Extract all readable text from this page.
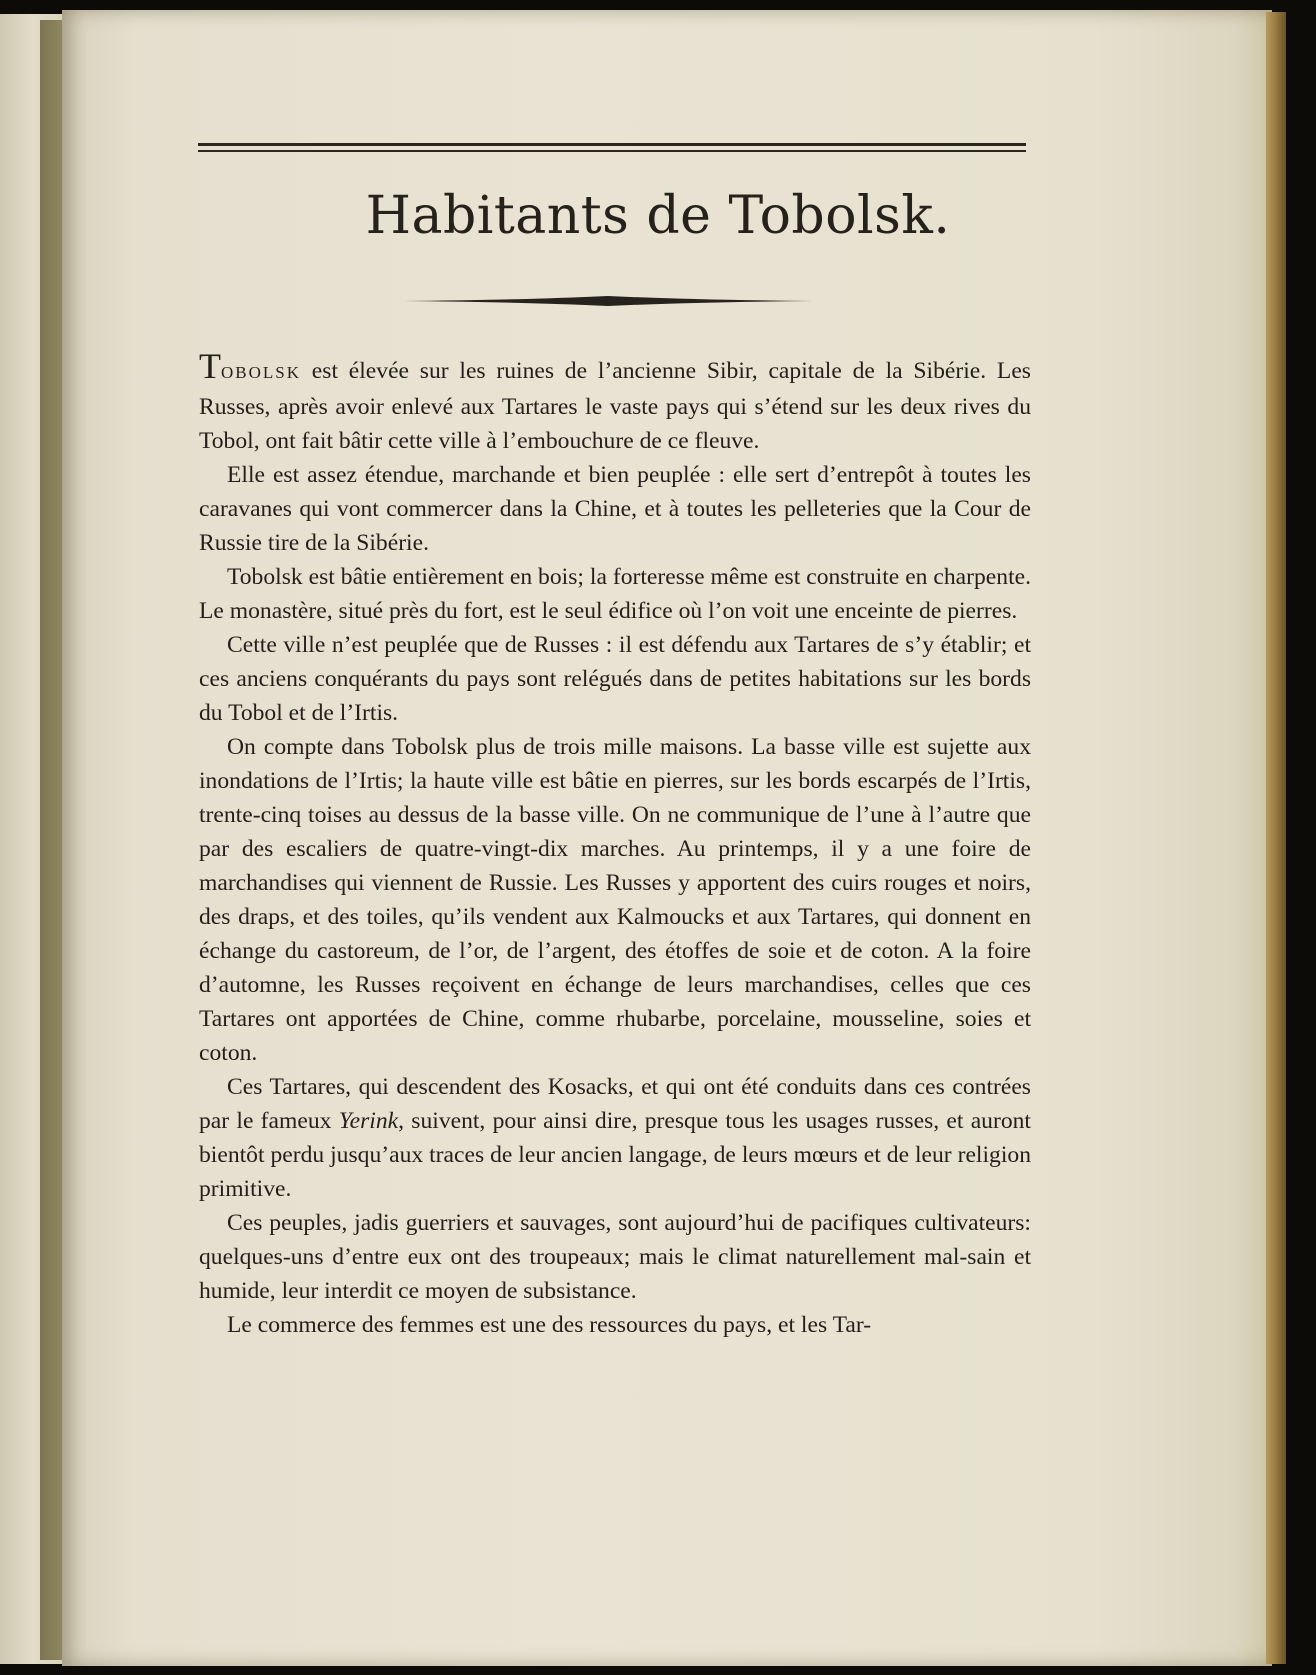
Habitants de Tobolsk.

TOBOLSK est élevée sur les ruines de l’ancienne Sibir, capitale de la Sibérie. Les Russes, après avoir enlevé aux Tartares le vaste pays qui s’étend sur les deux rives du Tobol, ont fait bâtir cette ville à l’embouchure de ce fleuve.

Elle est assez étendue, marchande et bien peuplée : elle sert d’entrepôt à toutes les caravanes qui vont commercer dans la Chine, et à toutes les pelleteries que la Cour de Russie tire de la Sibérie.

Tobolsk est bâtie entièrement en bois; la forteresse même est construite en charpente. Le monastère, situé près du fort, est le seul édifice où l’on voit une enceinte de pierres.

Cette ville n’est peuplée que de Russes : il est défendu aux Tartares de s’y établir; et ces anciens conquérants du pays sont relégués dans de petites habitations sur les bords du Tobol et de l’Irtis.

On compte dans Tobolsk plus de trois mille maisons. La basse ville est sujette aux inondations de l’Irtis; la haute ville est bâtie en pierres, sur les bords escarpés de l’Irtis, trente-cinq toises au dessus de la basse ville. On ne communique de l’une à l’autre que par des escaliers de quatre-vingt-dix marches. Au printemps, il y a une foire de marchandises qui viennent de Russie. Les Russes y apportent des cuirs rouges et noirs, des draps, et des toiles, qu’ils vendent aux Kalmoucks et aux Tartares, qui donnent en échange du castoreum, de l’or, de l’argent, des étoffes de soie et de coton. A la foire d’automne, les Russes reçoivent en échange de leurs marchandises, celles que ces Tartares ont apportées de Chine, comme rhubarbe, porcelaine, mousseline, soies et coton.

Ces Tartares, qui descendent des Kosacks, et qui ont été conduits dans ces contrées par le fameux Yerink, suivent, pour ainsi dire, presque tous les usages russes, et auront bientôt perdu jusqu’aux traces de leur ancien langage, de leurs mœurs et de leur religion primitive.

Ces peuples, jadis guerriers et sauvages, sont aujourd’hui de pacifiques cultivateurs: quelques-uns d’entre eux ont des troupeaux; mais le climat naturellement mal-sain et humide, leur interdit ce moyen de subsistance.

Le commerce des femmes est une des ressources du pays, et les Tar-
